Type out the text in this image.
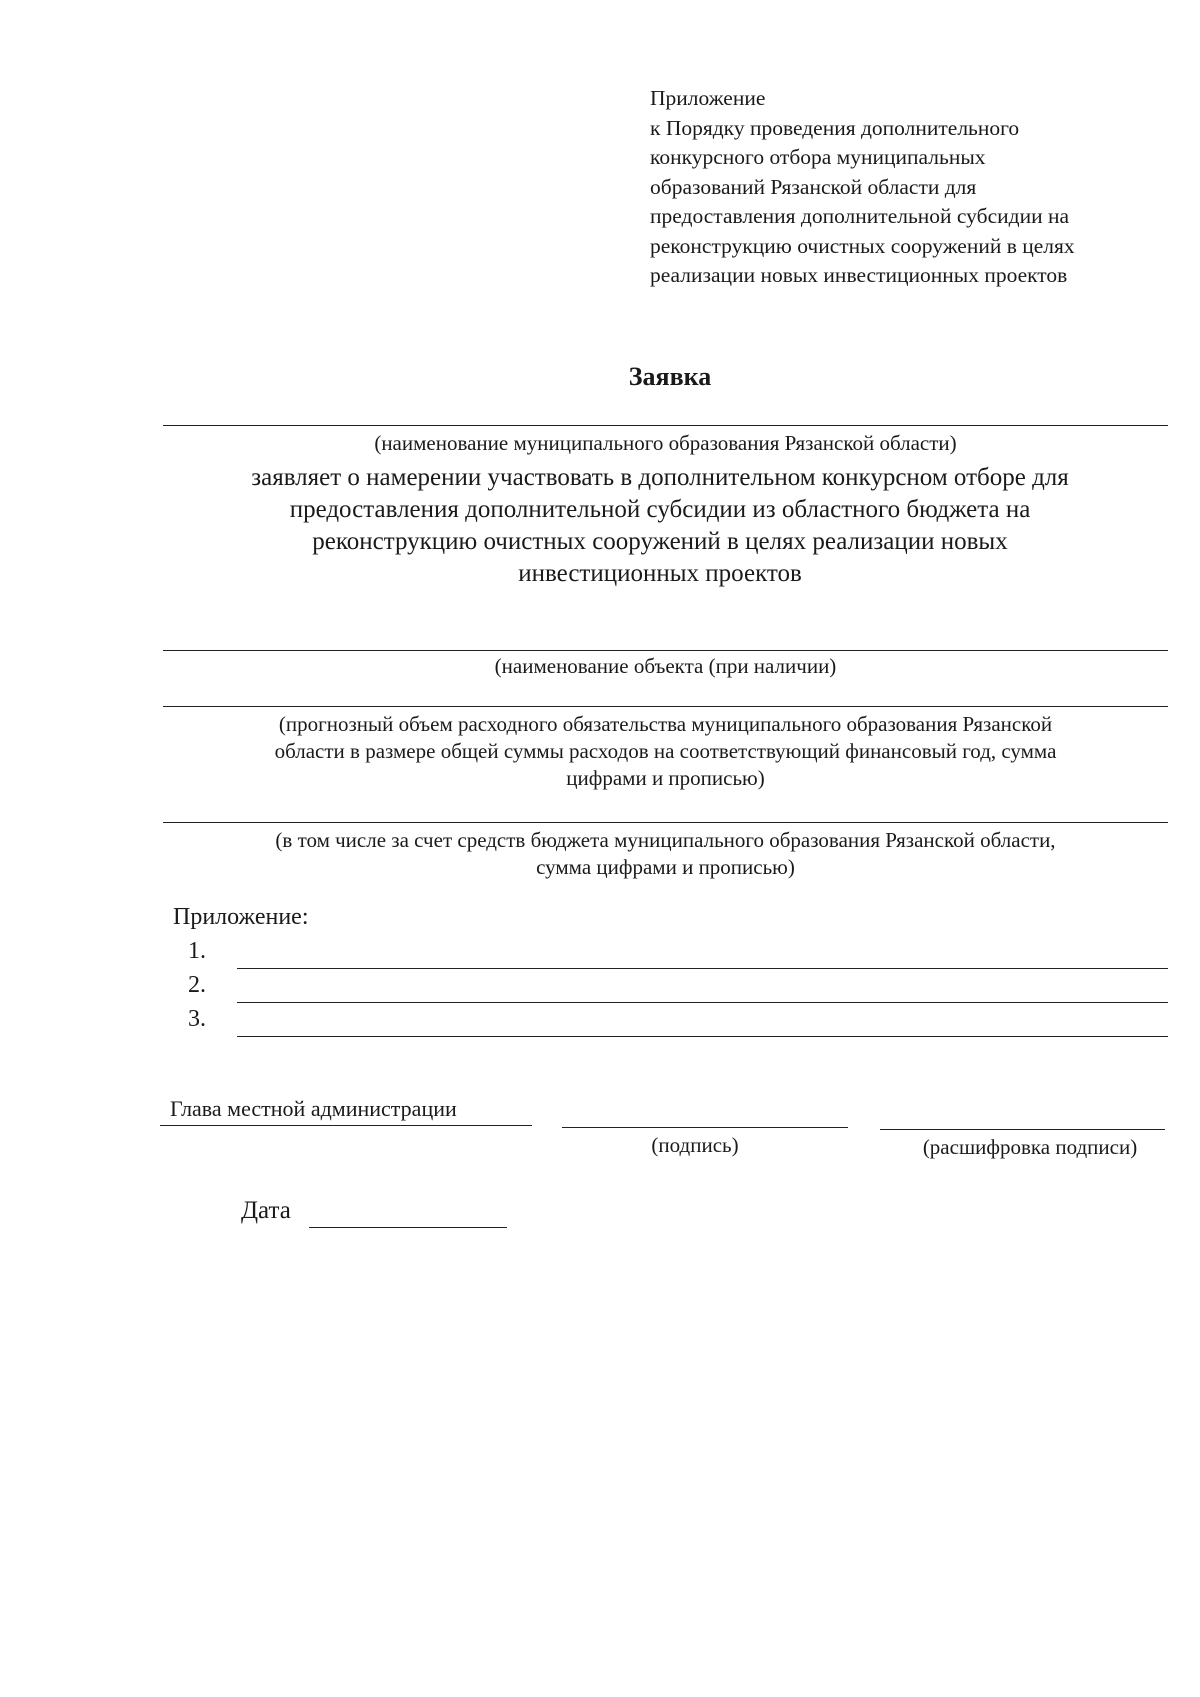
Приложение
к Порядку проведения дополнительного
конкурсного отбора муниципальных
образований Рязанской области для
предоставления дополнительной субсидии на
реконструкцию очистных сооружений в целях
реализации новых инвестиционных проектов
Заявка
(наименование муниципального образования Рязанской области)
заявляет о намерении участвовать в дополнительном конкурсном отборе для
предоставления дополнительной субсидии из областного бюджета на
реконструкцию очистных сооружений в целях реализации новых
инвестиционных проектов
(наименование объекта (при наличии)
(прогнозный объем расходного обязательства муниципального образования Рязанской
области в размере общей суммы расходов на соответствующий финансовый год, сумма
цифрами и прописью)
(в том числе за счет средств бюджета муниципального образования Рязанской области,
сумма цифрами и прописью)
Приложение:
1.
2.
3.
Глава местной администрации
(подпись)	(расшифровка подписи)
Дата
